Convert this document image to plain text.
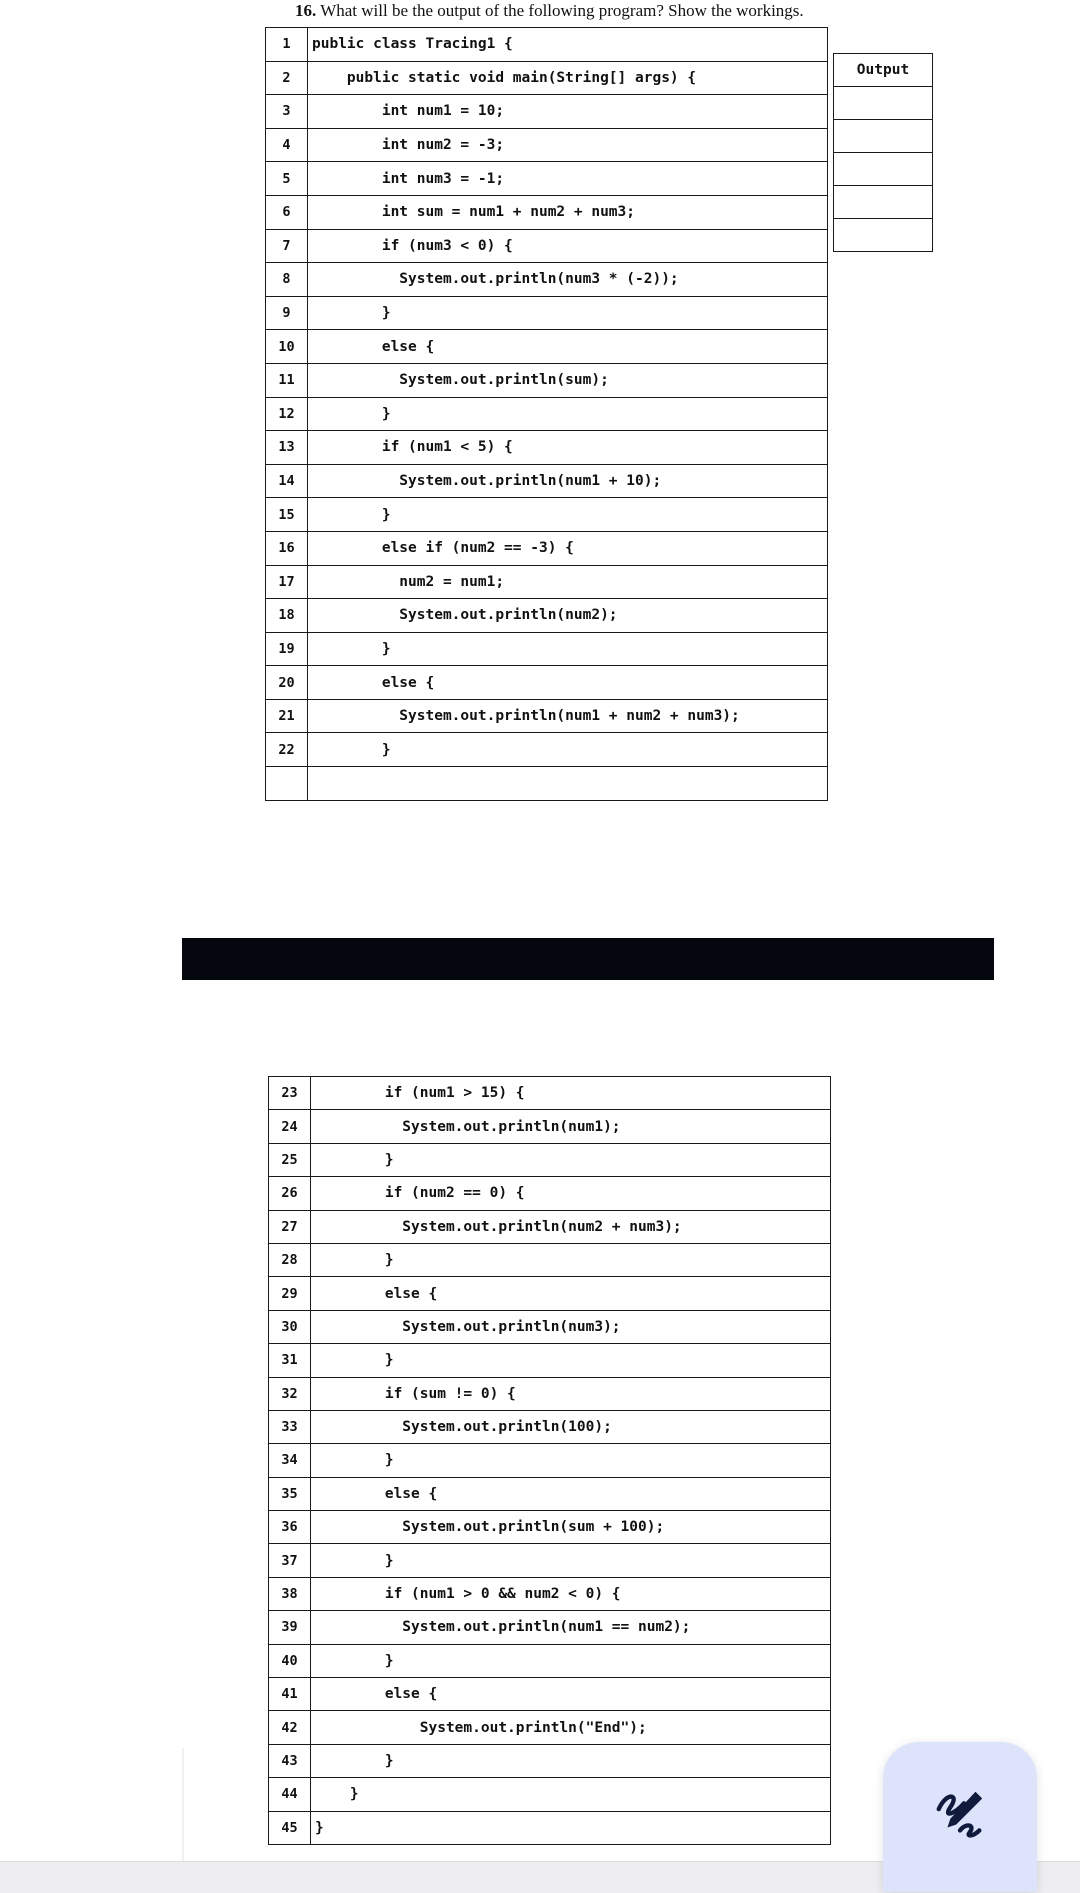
16. What will be the output of the following program? Show the workings.
1	public class Tracing1 {
2	public static void main(String[] args) {
3	int num1 = 10;
4	int num2 = -3;
5	int num3 = -1;
6	int sum = num1 + num2 + num3;
7	if (num3 < 0) {
8	System.out.println(num3 * (-2));
9	}
10	else {
11	System.out.println(sum);
12	}
13	if (num1 < 5) {
14	System.out.println(num1 + 10);
15	}
16	else if (num2 == -3) {
17	num2 = num1;
18	System.out.println(num2);
19	}
20	else {
21	System.out.println(num1 + num2 + num3);
22	}

Output

23	if (num1 > 15) {
24	System.out.println(num1);
25	}
26	if (num2 == 0) {
27	System.out.println(num2 + num3);
28	}
29	else {
30	System.out.println(num3);
31	}
32	if (sum != 0) {
33	System.out.println(100);
34	}
35	else {
36	System.out.println(sum + 100);
37	}
38	if (num1 > 0 && num2 < 0) {
39	System.out.println(num1 == num2);
40	}
41	else {
42	System.out.println("End");
43	}
44	}
45	}
